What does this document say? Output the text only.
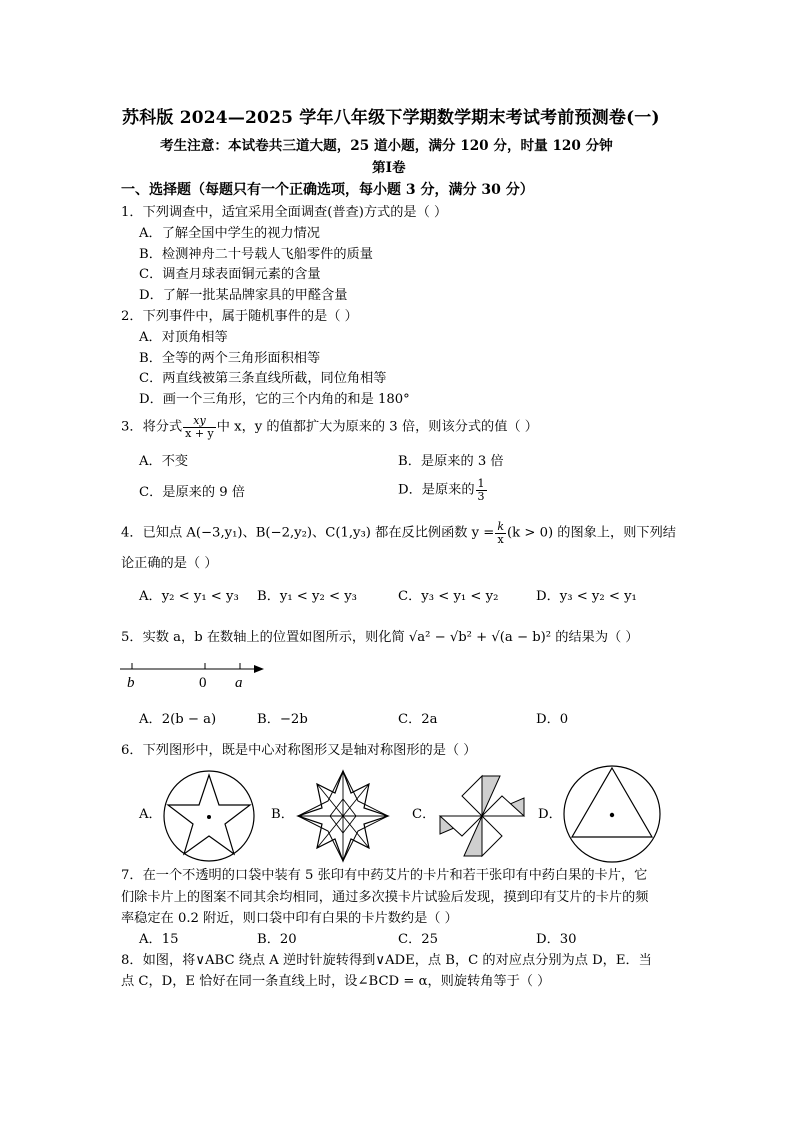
苏科版 2024—2025 学年八年级下学期数学期末考试考前预测卷(一)
考生注意：本试卷共三道大题，25 道小题，满分 120 分，时量 120 分钟
第Ⅰ卷
一、选择题（每题只有一个正确选项，每小题 3 分，满分 30 分）
1．下列调查中，适宜采用全面调查(普查)方式的是（ ）
A．了解全国中学生的视力情况
B．检测神舟二十号载人飞船零件的质量
C．调查月球表面铜元素的含量
D．了解一批某品牌家具的甲醛含量
2．下列事件中，属于随机事件的是（ ）
A．对顶角相等
B．全等的两个三角形面积相等
C．两直线被第三条直线所截，同位角相等
D．画一个三角形，它的三个内角的和是 180°
3．将分式 $\frac{xy}{x + y}$ 中 x，y 的值都扩大为原来的 3 倍，则该分式的值（ ）
A．不变	B．是原来的 3 倍
C．是原来的 9 倍	D．是原来的 $\frac{1}{3}$
4．已知点 A(−3,y₁)、B(−2,y₂)、C(1,y₃) 都在反比例函数 $y = \frac{k}{x} (k > 0)$ 的图象上，则下列结
论正确的是（ ）
A．y₂ < y₁ < y₃ B．y₁ < y₂ < y₃	C．y₃ < y₁ < y₂	D．y₃ < y₂ < y₁
5．实数 a，b 在数轴上的位置如图所示，则化简 √a² − √b² + √(a − b)² 的结果为（ ）
b	0 a
A．2(b − a)	B．−2b	C．2a	D．0
6．下列图形中，既是中心对称图形又是轴对称图形的是（ ）
A．	B．	C．	D．
7．在一个不透明的口袋中装有 5 张印有中药艾片的卡片和若干张印有中药白果的卡片，它
们除卡片上的图案不同其余均相同，通过多次摸卡片试验后发现，摸到印有艾片的卡片的频
率稳定在 0.2 附近，则口袋中印有白果的卡片数约是（ ）
A．15	B．20	C．25	D．30
8．如图，将∨ABC 绕点 A 逆时针旋转得到∨ADE，点 B，C 的对应点分别为点 D，E．当
点 C，D，E 恰好在同一条直线上时，设∠BCD = α，则旋转角等于（ ）
